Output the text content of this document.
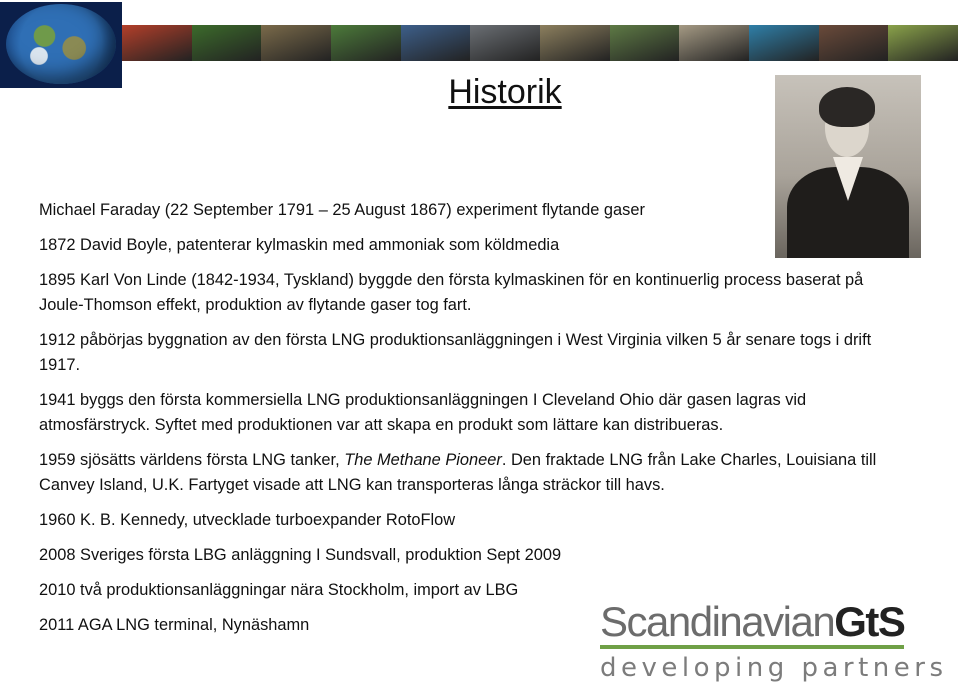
Historik

Michael Faraday (22 September 1791 – 25 August 1867) experiment flytande gaser

1872 David Boyle, patenterar kylmaskin med ammoniak som köldmedia

1895 Karl Von Linde (1842-1934, Tyskland) byggde den första kylmaskinen för en kontinuerlig process baserat på Joule-Thomson effekt, produktion av flytande gaser tog fart.

1912 påbörjas byggnation av den första LNG produktionsanläggningen i West Virginia vilken 5 år senare togs i drift 1917.

1941 byggs den första kommersiella LNG produktionsanläggningen I Cleveland Ohio där gasen lagras vid atmosfärstryck. Syftet med produktionen var att skapa en produkt som lättare kan distribueras.

1959 sjösätts världens första LNG tanker, The Methane Pioneer. Den fraktade LNG från Lake Charles, Louisiana till Canvey Island, U.K. Fartyget visade att LNG kan transporteras långa sträckor till havs.

1960 K. B. Kennedy, utvecklade turboexpander RotoFlow

2008 Sveriges första LBG anläggning I Sundsvall, produktion Sept 2009

2010 två produktionsanläggningar nära Stockholm, import av LBG

2011 AGA LNG terminal, Nynäshamn	ScandinavianGtS
developing partners
